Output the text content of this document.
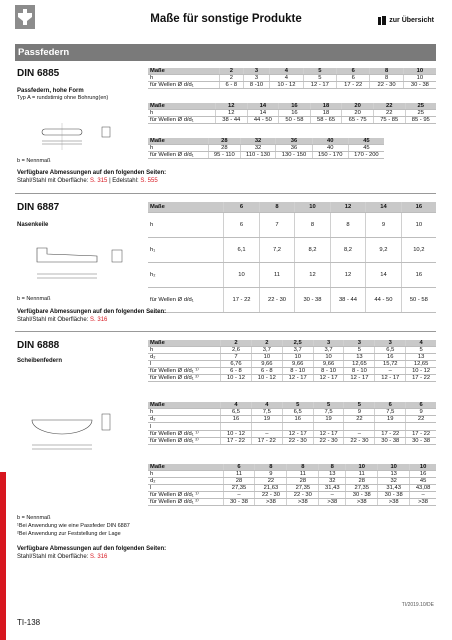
Maße für sonstige Produkte	zur Übersicht
Passfedern
DIN 6885
Passfedern, hohe Form
Typ A = rundstirnig ohne Bohrung(en)
b = Nennmaß
Maße	2	3	4	5	6	8	10
h	2	3	4	5	6	8	10
für Wellen Ø d/d₁	6 - 8	8 -10	10 - 12	12 - 17	17 - 22	22 - 30	30 - 38
Maße	12	14	16	18	20	22	25
h	12	14	16	18	20	22	25
für Wellen Ø d/d₁	38 - 44	44 - 50	50 - 58	58 - 65	65 - 75	75 - 85	85 - 95
Maße	28	32	36	40	45
h	28	32	36	40	45
für Wellen Ø d/d₁	95 - 110	110 - 130	130 - 150	150 - 170	170 - 200
Verfügbare Abmessungen auf den folgenden Seiten:
Stahl/Stahl mit Oberfläche: S. 315 | Edelstahl: S. 555
DIN 6887
Nasenkeile
b = Nennmaß
Maße	6	8	10	12	14	16
h	6	7	8	8	9	10
h₁	6,1	7,2	8,2	8,2	9,2	10,2
h₂	10	11	12	12	14	16
für Wellen Ø d/d₁	17 - 22	22 - 30	30 - 38	38 - 44	44 - 50	50 - 58
Verfügbare Abmessungen auf den folgenden Seiten:
Stahl/Stahl mit Oberfläche: S. 316
DIN 6888
Scheibenfedern
b = Nennmaß
¹Bei Anwendung wie eine Passfeder DIN 6887
²Bei Anwendung zur Feststellung der Lage
Maße	2	2	2,5	3	3	3	4
h	2,6	3,7	3,7	3,7	5	6,5	5
d₂	7	10	10	10	13	16	13
l	6,76	9,66	9,66	9,66	12,65	15,72	12,65
für Wellen Ø d/d₁ ¹⁾	6 - 8	6 - 8	8 - 10	8 - 10	8 - 10	–	10 - 12
für Wellen Ø d/d₁ ²⁾	10 - 12	10 - 12	12 - 17	12 - 17	12 - 17	12 - 17	17 - 22
Maße	4	4	5	5	5	6	6
h	6,5	7,5	6,5	7,5	9	7,5	9
d₂	16	19	16	19	22	19	22
l							
für Wellen Ø d/d₁ ¹⁾	10 - 12	–	12 - 17	12 - 17	–	17 - 22	17 - 22
für Wellen Ø d/d₁ ²⁾	17 - 22	17 - 22	22 - 30	22 - 30	22 - 30	30 - 38	30 - 38
Maße	6	8	8	8	10	10	10
h	11	9	11	13	11	13	16
d₂	28	22	28	32	28	32	45
l	27,35	21,63	27,35	31,43	27,35	31,43	43,08
für Wellen Ø d/d₁ ¹⁾	–	22 - 30	22 - 30	–	30 - 38	30 - 38	–
für Wellen Ø d/d₁ ²⁾	30 - 38	>38	>38	>38	>38	>38	>38
Verfügbare Abmessungen auf den folgenden Seiten:
Stahl/Stahl mit Oberfläche: S. 316
TI/2019.10/DE
TI-138
